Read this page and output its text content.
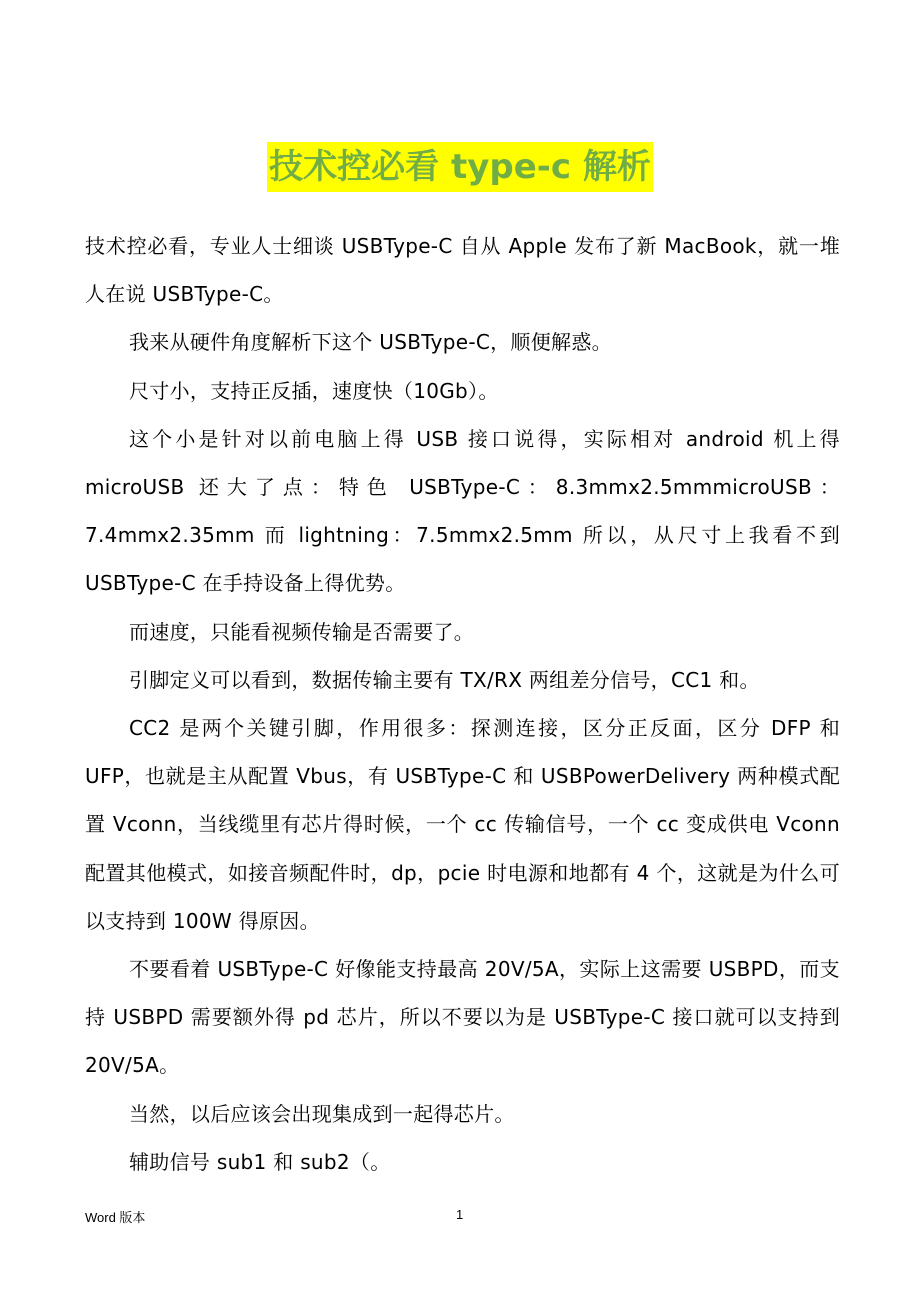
技术控必看 type-c 解析

技术控必看，专业人士细谈 USBType-C 自从 Apple 发布了新 MacBook，就一堆人在说 USBType-C。

我来从硬件角度解析下这个 USBType-C，顺便解惑。

尺寸小，支持正反插，速度快（10Gb）。

这个小是针对以前电脑上得 USB 接口说得，实际相对 android 机上得 microUSB 还大了点：特色 USBType-C：8.3mmx2.5mmmicroUSB：7.4mmx2.35mm 而 lightning：7.5mmx2.5mm 所以，从尺寸上我看不到 USBType-C 在手持设备上得优势。

而速度，只能看视频传输是否需要了。

引脚定义可以看到，数据传输主要有 TX/RX 两组差分信号，CC1 和。

CC2 是两个关键引脚，作用很多：探测连接，区分正反面，区分 DFP 和 UFP，也就是主从配置 Vbus，有 USBType-C 和 USBPowerDelivery 两种模式配置 Vconn，当线缆里有芯片得时候，一个 cc 传输信号，一个 cc 变成供电 Vconn 配置其他模式，如接音频配件时，dp，pcie 时电源和地都有 4 个，这就是为什么可以支持到 100W 得原因。

不要看着 USBType-C 好像能支持最高 20V/5A，实际上这需要 USBPD，而支持 USBPD 需要额外得 pd 芯片，所以不要以为是 USBType-C 接口就可以支持到 20V/5A。

当然，以后应该会出现集成到一起得芯片。

辅助信号 sub1 和 sub2（。

Word 版本	1
